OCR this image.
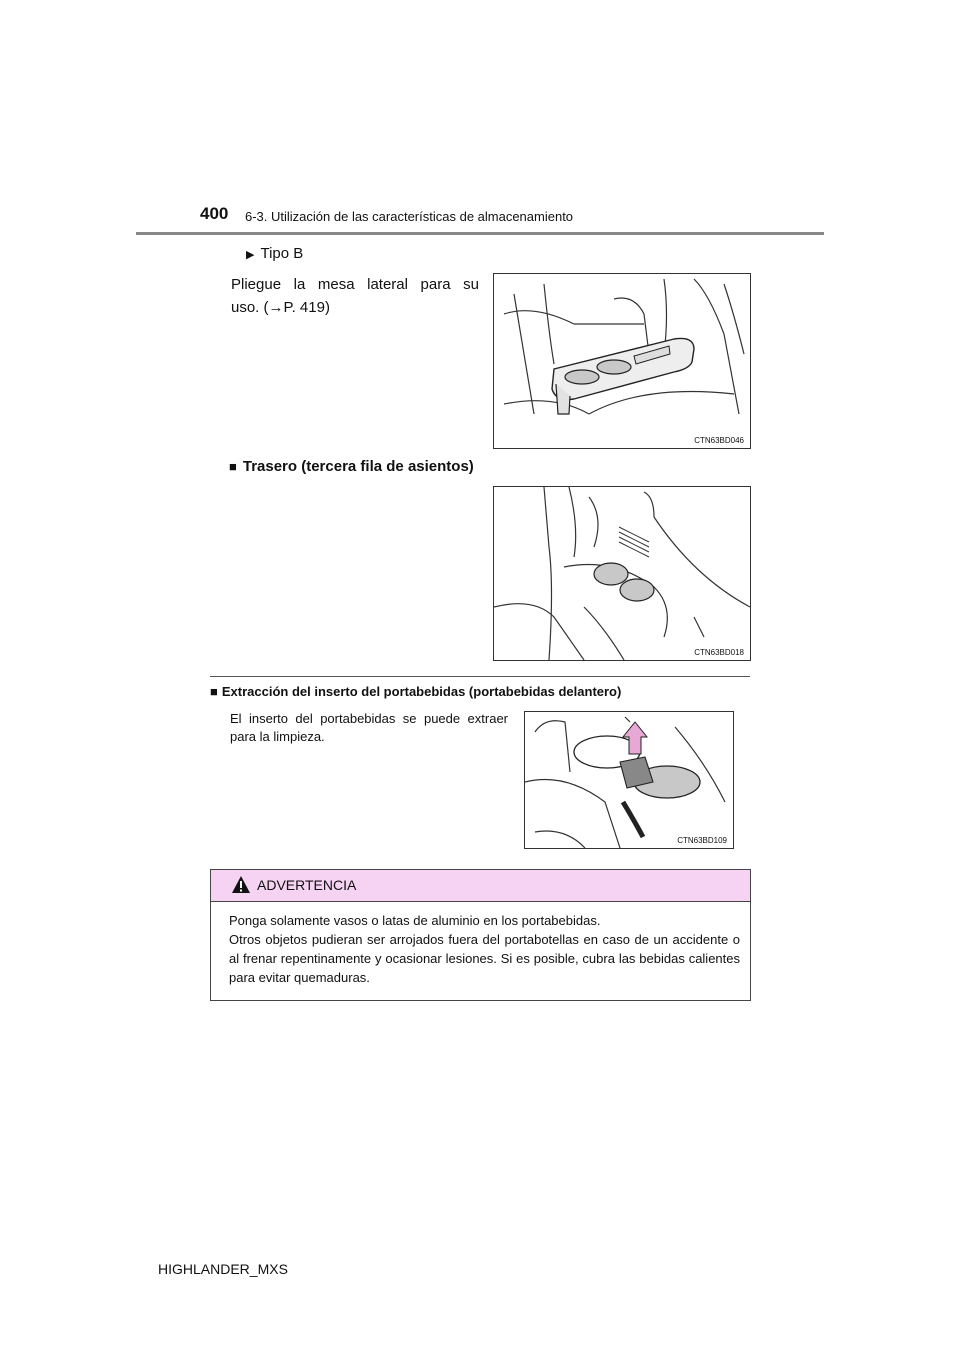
400 6-3. Utilización de las características de almacenamiento
▶ Tipo B
Pliegue la mesa lateral para su
uso. (→P. 419)
CTN63BD046
■ Trasero (tercera fila de asientos)
CTN63BD018
■ Extracción del inserto del portabebidas (portabebidas delantero)
El inserto del portabebidas se puede extraer para la limpieza.
CTN63BD109
ADVERTENCIA
Ponga solamente vasos o latas de aluminio en los portabebidas.
Otros objetos pudieran ser arrojados fuera del portabotellas en caso de un accidente o al frenar repentinamente y ocasionar lesiones. Si es posible, cubra las bebidas calientes para evitar quemaduras.
HIGHLANDER_MXS
